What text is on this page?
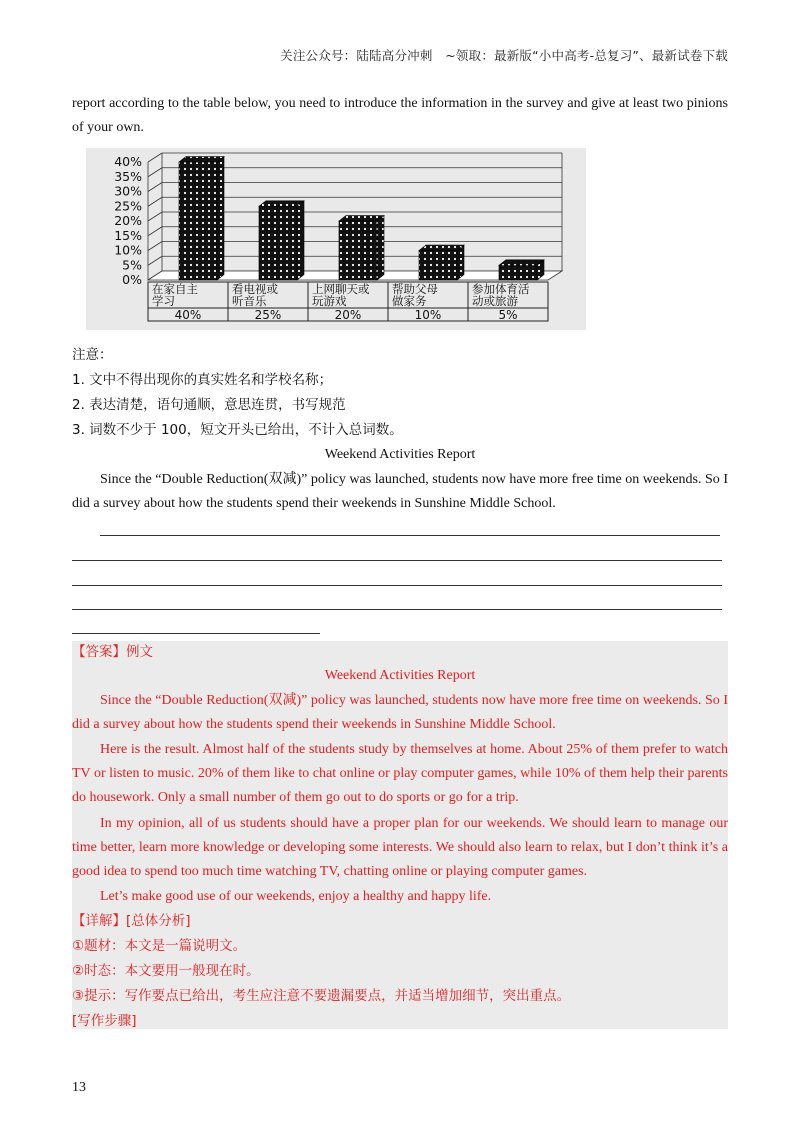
关注公众号：陆陆高分冲刺　~领取：最新版“小中高考-总复习”、最新试卷下载
report according to the table below, you need to introduce the information in the survey and give at least two pinions of your own.
40%
35%
30%
25%
20%
15%
10%
5%
0%
在家自主
学习
40%
看电视或
听音乐
25%
上网聊天或
玩游戏
20%
帮助父母
做家务
10%
参加体育活
动或旅游
5%
注意：
1. 文中不得出现你的真实姓名和学校名称；
2. 表达清楚，语句通顺，意思连贯，书写规范
3. 词数不少于 100，短文开头已给出，不计入总词数。
Weekend Activities Report
Since the “Double Reduction(双减)” policy was launched, students now have more free time on weekends. So I did a survey about how the students spend their weekends in Sunshine Middle School.
【答案】例文
Weekend Activities Report
Since the “Double Reduction(双减)” policy was launched, students now have more free time on weekends. So I did a survey about how the students spend their weekends in Sunshine Middle School.
Here is the result. Almost half of the students study by themselves at home. About 25% of them prefer to watch TV or listen to music. 20% of them like to chat online or play computer games, while 10% of them help their parents do housework. Only a small number of them go out to do sports or go for a trip.
In my opinion, all of us students should have a proper plan for our weekends. We should learn to manage our time better, learn more knowledge or developing some interests. We should also learn to relax, but I don’t think it’s a good idea to spend too much time watching TV, chatting online or playing computer games.
Let’s make good use of our weekends, enjoy a healthy and happy life.
【详解】[总体分析]
①题材：本文是一篇说明文。
②时态：本文要用一般现在时。
③提示：写作要点已给出，考生应注意不要遗漏要点，并适当增加细节，突出重点。
[写作步骤]
13
